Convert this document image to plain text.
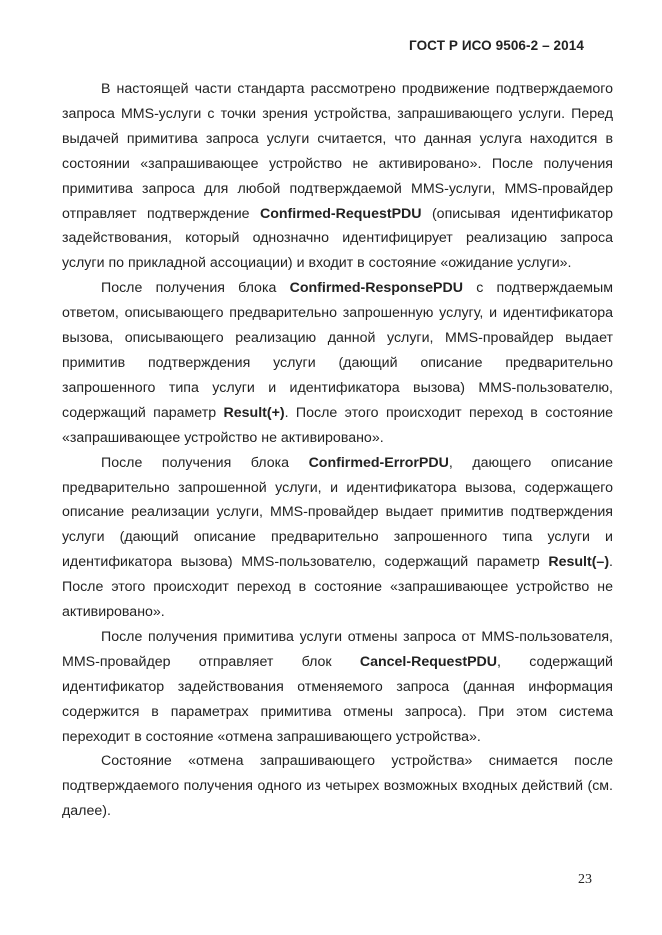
ГОСТ Р ИСО 9506-2 – 2014

В настоящей части стандарта рассмотрено продвижение подтверждаемого запроса MMS-услуги с точки зрения устройства, запрашивающего услуги. Перед выдачей примитива запроса услуги считается, что данная услуга находится в состоянии «запрашивающее устройство не активировано». После получения примитива запроса для любой подтверждаемой MMS-услуги, MMS-провайдер отправляет подтверждение Confirmed-RequestPDU (описывая идентификатор задействования, который однозначно идентифицирует реализацию запроса услуги по прикладной ассоциации) и входит в состояние «ожидание услуги».

После получения блока Confirmed-ResponsePDU с подтверждаемым ответом, описывающего предварительно запрошенную услугу, и идентификатора вызова, описывающего реализацию данной услуги, MMS-провайдер выдает примитив подтверждения услуги (дающий описание предварительно запрошенного типа услуги и идентификатора вызова) MMS-пользователю, содержащий параметр Result(+). После этого происходит переход в состояние «запрашивающее устройство не активировано».

После получения блока Confirmed-ErrorPDU, дающего описание предварительно запрошенной услуги, и идентификатора вызова, содержащего описание реализации услуги, MMS-провайдер выдает примитив подтверждения услуги (дающий описание предварительно запрошенного типа услуги и идентификатора вызова) MMS-пользователю, содержащий параметр Result(–). После этого происходит переход в состояние «запрашивающее устройство не активировано».

После получения примитива услуги отмены запроса от MMS-пользователя, MMS-провайдер отправляет блок Cancel-RequestPDU, содержащий идентификатор задействования отменяемого запроса (данная информация содержится в параметрах примитива отмены запроса). При этом система переходит в состояние «отмена запрашивающего устройства».

Состояние «отмена запрашивающего устройства» снимается после подтверждаемого получения одного из четырех возможных входных действий (см. далее).

23
